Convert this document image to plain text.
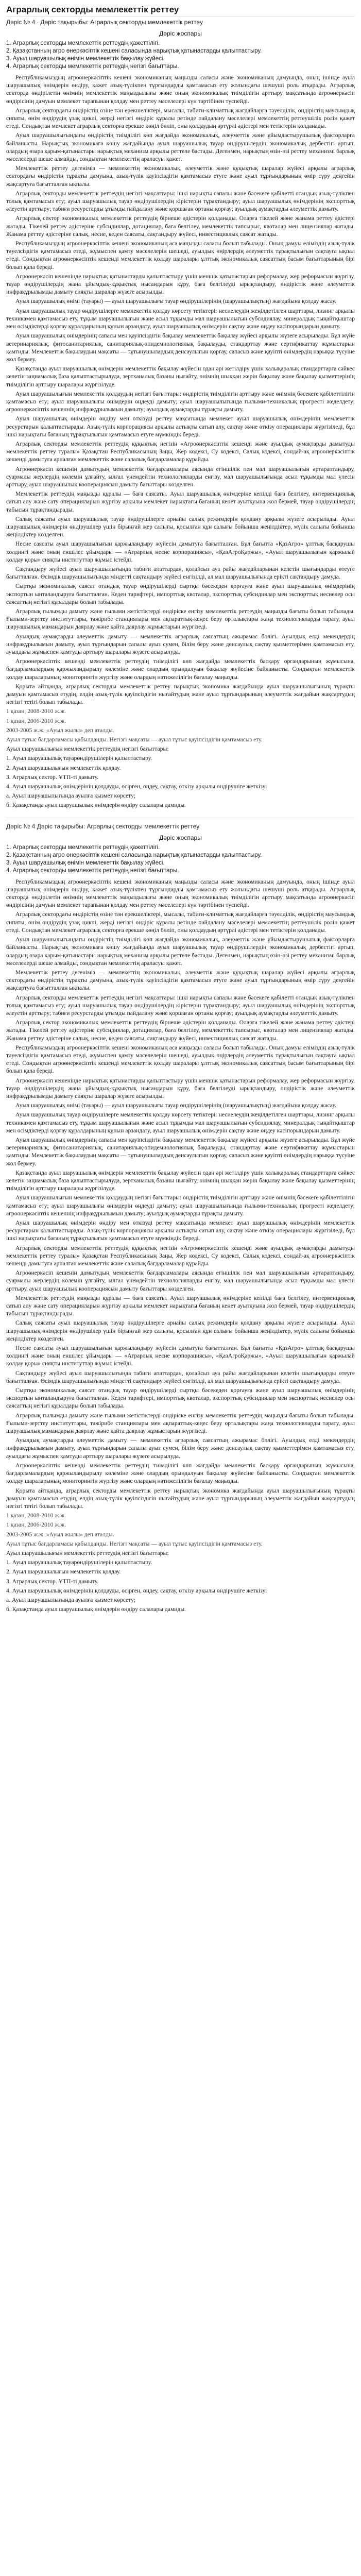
Аграрлық секторды мемлекеттік реттеу
Дәріс № 4 · Дәріс тақырыбы: Аграрлық секторды мемлекеттік реттеу
Дәріс жоспары
1. Аграрлық секторды мемлекеттік реттеудің қажеттілігі.
2. Қазақстанның агро өнеркәсіптік кешені саласында нарықтық қатынастарды қалыптастыру.
3. Ауыл шаруашылық өнімін мемлекеттік бақылау жүйесі.
4. Аграрлық секторды мемлекеттік реттеудің негізгі бағыттары.

Республикамыздың агроөнеркәсіптік кешені экономиканың маңызды саласы және экономиканың дамуында, оның ішінде ауыл шаруашылық өнімдерін өндіру, қажет азық-түлікпен тұрғындарды қамтамасыз ету жолындағы шешуші роль атқарады. Аграрлық секторда өндірілетін өнімнің мемлекеттік маңыздылығы және оның экономикалық тиімділігін арттыру мақсатында агроөнеркәсіп өндірісінің дамуын мемлекет тарапынан қолдау мен реттеу мәселелері күн тәртібінен түспейді.

Аграрлық сектордағы өндірістің өзіне тән ерекшеліктері, мысалы, табиғи-климаттық жағдайларға тәуелділік, өндірістің маусымдық сипаты, өнім өндірудің ұзақ циклі, жерді негізгі өндіріс құралы ретінде пайдалану мәселелері мемлекеттің реттеушілік ролін қажет етеді. Сондықтан мемлекет аграрлық секторға ерекше көңіл бөліп, оны қолдаудың әртүрлі әдістері мен тетіктерін қолданады.

Ауыл шаруашылығындағы өндірістің тиімділігі көп жағдайда экономикалық, әлеуметтік және ұйымдастырушылық факторларға байланысты. Нарықтық экономикаға көшу жағдайында ауыл шаруашылық тауар өндірушілердің экономикалық дербестігі артып, олардың өзара қарым-қатынастары нарықтық механизм арқылы реттеле бастады. Дегенмен, нарықтың өзін-өзі реттеу механизмі барлық мәселелерді шеше алмайды, сондықтан мемлекеттің араласуы қажет.

Мемлекеттік реттеу дегеніміз — мемлекеттің экономикалық, әлеуметтік және құқықтық шаралар жүйесі арқылы аграрлық сектордағы өндірістің тұрақты дамуына, азық-түлік қауіпсіздігін қамтамасыз етуге және ауыл тұрғындарының өмір сүру деңгейін жақсартуға бағытталған ықпалы.

Аграрлық секторды мемлекеттік реттеудің негізгі мақсаттары: ішкі нарықты сапалы және бәсекеге қабілетті отандық азық-түлікпен толық қамтамасыз ету; ауыл шаруашылық тауар өндірушілердің кірістерін тұрақтандыру; ауыл шаруашылық өнімдерінің экспорттық әлеуетін арттыру; табиғи ресурстарды ұтымды пайдалану және қоршаған ортаны қорғау; ауылдық аумақтарды әлеуметтік дамыту.

Аграрлық сектор экономикалық мемлекеттік реттеудің бірнеше әдістерін қолданады. Оларға тікелей және жанама реттеу әдістері жатады. Тікелей реттеу әдістеріне субсидиялар, дотациялар, баға белгілеу, мемлекеттік тапсырыс, квоталар мен лицензиялар жатады. Жанама реттеу әдістеріне салық, несие, кеден саясаты, сақтандыру жүйесі, инвестициялық саясат жатады.

Республикамыздың агроөнеркәсіптік кешені экономиканың аса маңызды саласы болып табылады. Оның дамуы еліміздің азық-түлік тәуелсіздігін қамтамасыз етеді, жұмыспен қамту мәселелерін шешеді, ауылдық өңірлердің әлеуметтік тұрақтылығын сақтауға ықпал етеді. Сондықтан агроөнеркәсіптік кешенді мемлекеттік қолдау шаралары ұлттық экономикалық саясаттың басым бағыттарының бірі болып қала береді.

Агроөнеркәсіп кешенінде нарықтық қатынастарды қалыптастыру үшін меншік қатынастарын реформалау, жер реформасын жүргізу, тауар өндірушілердің жаңа ұйымдық-құқықтық нысандарын құру, баға белгілеуді ырықтандыру, өндірістік және әлеуметтік инфрақұрылымды дамыту сияқты шаралар жүзеге асырылды.

Ауыл шаруашылық өнімі (тауары) — ауыл шаруашылығы тауар өндірушілерінің (шаруашылықтың) жағдайына қолдау жасау.

Ауыл шаруашылық тауар өндірушілерге мемлекеттік қолдау көрсету тетіктері: несиелеудің жеңілдетілген шарттары, лизинг арқылы техникамен қамтамасыз ету, тұқым шаруашылығын және асыл тұқымды мал шаруашылығын субсидиялау, минералдық тыңайтқыштар мен өсімдіктерді қорғау құралдарының құнын арзандату, ауыл шаруашылық өнімдерін сақтау және өңдеу кәсіпорындарын дамыту.

Ауыл шаруашылық өнімдерінің сапасы мен қауіпсіздігін бақылау мемлекеттік бақылау жүйесі арқылы жүзеге асырылады. Бұл жүйе ветеринариялық, фитосанитариялық, санитариялық-эпидемиологиялық бақылауды, стандарттау және сертификаттау жұмыстарын қамтиды. Мемлекеттік бақылаудың мақсаты — тұтынушылардың денсаулығын қорғау, сапасыз және қауіпті өнімдердің нарыққа түсуіне жол бермеу.

Қазақстанда ауыл шаруашылық өнімдерін мемлекеттік бақылау жүйесін одан әрі жетілдіру үшін халықаралық стандарттарға сәйкес келетін заңнамалық база қалыптастырылуда, зертханалық базаны нығайту, өнімнің шыққан жерін бақылау және бақылау қызметтерінің тиімділігін арттыру шаралары жүргізілуде.

Ауыл шаруашылығын мемлекеттік қолдаудың негізгі бағыттары: өндірістің тиімділігін арттыру және өнімнің бәсекеге қабілеттілігін қамтамасыз ету; ауыл шаруашылығы өнімдерін өңдеуді дамыту; ауыл шаруашылығында ғылыми-техникалық прогресті жеделдету; агроөнеркәсіптік кешеннің инфрақұрылымын дамыту; ауылдық аумақтарды тұрақты дамыту.

Ауыл шаруашылық өнімдерін өндіру мен өткізуді реттеу мақсатында мемлекет ауыл шаруашылық өнімдерінің мемлекеттік ресурстарын қалыптастырады. Азық-түлік корпорациясы арқылы астықты сатып алу, сақтау және өткізу операциялары жүргізіледі, бұл ішкі нарықтағы бағаның тұрақтылығын қамтамасыз етуге мүмкіндік береді.

Аграрлық секторды мемлекеттік реттеудің құқықтық негізін «Агроөнеркәсіптік кешенді және ауылдық аумақтарды дамытуды мемлекеттік реттеу туралы» Қазақстан Республикасының Заңы, Жер кодексі, Су кодексі, Салық кодексі, сондай-ақ агроөнеркәсіптік кешенді дамытуға арналған мемлекеттік және салалық бағдарламалар құрайды.

Агроөнеркәсіп кешенін дамытудың мемлекеттік бағдарламалары аясында егіншілік пен мал шаруашылығын әртараптандыру, суармалы жерлердің көлемін ұлғайту, ылғал үнемдейтін технологияларды енгізу, мал шаруашылығында асыл тұқымды мал үлесін арттыру, ауыл шаруашылық кооперациясын дамыту бағыттары көзделген.

Мемлекеттік реттеудің маңызды құралы — баға саясаты. Ауыл шаруашылық өнімдеріне кепілді баға белгілеу, интервенциялық сатып алу және сату операцияларын жүргізу арқылы мемлекет нарықтағы бағаның кенет ауытқуына жол бермей, тауар өндірушілердің табысын тұрақтандырады.

Салық саясаты ауыл шаруашылық тауар өндірушілерге арнайы салық режимдерін қолдану арқылы жүзеге асырылады. Ауыл шаруашылық өнімдерін өндірушілер үшін бірыңғай жер салығы, қосылған құн салығы бойынша жеңілдіктер, мүлік салығы бойынша жеңілдіктер көзделген.

Несие саясаты ауыл шаруашылығын қаржыландыру жүйесін дамытуға бағытталған. Бұл бағытта «ҚазАгро» ұлттық басқарушы холдингі және оның еншілес ұйымдары — «Аграрлық несие корпорациясы», «ҚазАгроҚаржы», «Ауыл шаруашылығын қаржылай қолдау қоры» сияқты институттар жұмыс істейді.

Сақтандыру жүйесі ауыл шаруашылығында табиғи апаттардан, қолайсыз ауа райы жағдайларынан келетін шығындарды өтеуге бағытталған. Өсімдік шаруашылығында міндетті сақтандыру жүйесі енгізілді, ал мал шаруашылығында ерікті сақтандыру дамуда.

Сыртқы экономикалық саясат отандық тауар өндірушілерді сыртқы бәсекеден қорғауға және ауыл шаруашылық өнімдерінің экспортын ынталандыруға бағытталған. Кеден тарифтері, импорттық квоталар, экспорттық субсидиялар мен экспорттық несиелер осы саясаттың негізгі құралдары болып табылады.

Аграрлық ғылымды дамыту және ғылыми жетістіктерді өндіріске енгізу мемлекеттік реттеудің маңызды бағыты болып табылады. Ғылыми-зерттеу институттары, тәжірибе станциялары мен ақпараттық-кеңес беру орталықтары жаңа технологияларды тарату, ауыл шаруашылық мамандарын даярлау және қайта даярлау жұмыстарын жүргізеді.

Ауылдық аумақтарды әлеуметтік дамыту — мемлекеттік аграрлық саясаттың ажырамас бөлігі. Ауылдық елді мекендердің инфрақұрылымын дамыту, ауыл тұрғындарын сапалы ауыз сумен, білім беру және денсаулық сақтау қызметтерімен қамтамасыз ету, ауылдағы жұмыспен қамтуды арттыру шаралары жүзеге асырылуда.

Агроөнеркәсіптік кешенді мемлекеттік реттеудің тиімділігі көп жағдайда мемлекеттік басқару органдарының жұмысына, бағдарламалардың қаржыландырылу көлеміне және олардың орындалуын бақылау жүйесіне байланысты. Сондықтан мемлекеттік қолдау шараларының мониторингін жүргізу және олардың нәтижелілігін бағалау маңызды.

Қорыта айтқанда, аграрлық секторды мемлекеттік реттеу нарықтық экономика жағдайында ауыл шаруашылығының тұрақты дамуын қамтамасыз етудің, елдің азық-түлік қауіпсіздігін нығайтудың және ауыл тұрғындарының әлеуметтік жағдайын жақсартудың негізгі тетігі болып табылады.

1 қазан, 2008-2010 ж.ж.

1 қазан, 2006-2010 ж.ж.

2003-2005 ж.ж. «Ауыл жылы» деп аталды.

Ауыл тұтыс бағдарламасы қабылданды. Негізгі мақсаты — ауыл тұтыс қауіпсіздігін қамтамасыз ету.

Ауыл шаруашылығын мемлекеттік реттеудің негізгі бағыттары:

1. Ауыл шаруашылық тауарөндірушілерін қалыптастыру.

2. Ауыл шаруашылығын мемлекеттік қолдау.

3. Аграрлық сектор. ҰТП-ті дамыту.

4. Ауыл шаруашылық өнімдерінің қолдауды, өсірген, өңдеу, сақтау, өткізу арқылы өндірушіге жеткізу:

а. Ауыл шаруашылығында ауылға қызмет көрсету;

б. Қазақстанда ауыл шаруашылық өнімдерін өндіру салалары дамиды.

Дәріс № 4 Дәріс тақырыбы: Аграрлық секторды мемлекеттік реттеу
Дәріс жоспары
1. Аграрлық секторды мемлекеттік реттеудің қажеттілігі.
2. Қазақстанның агро өнеркәсіптік кешені саласында нарықтық қатынастарды қалыптастыру.
3. Ауыл шаруашылық өнімін мемлекеттік бақылау жүйесі.
4. Аграрлық секторды мемлекеттік реттеудің негізгі бағыттары.

Республикамыздың агроөнеркәсіптік кешені экономиканың маңызды саласы және экономиканың дамуында, оның ішінде ауыл шаруашылық өнімдерін өндіру, қажет азық-түлікпен тұрғындарды қамтамасыз ету жолындағы шешуші роль атқарады. Аграрлық секторда өндірілетін өнімнің мемлекеттік маңыздылығы және оның экономикалық тиімділігін арттыру мақсатында агроөнеркәсіп өндірісінің дамуын мемлекет тарапынан қолдау мен реттеу мәселелері күн тәртібінен түспейді.

Аграрлық сектордағы өндірістің өзіне тән ерекшеліктері, мысалы, табиғи-климаттық жағдайларға тәуелділік, өндірістің маусымдық сипаты, өнім өндірудің ұзақ циклі, жерді негізгі өндіріс құралы ретінде пайдалану мәселелері мемлекеттің реттеушілік ролін қажет етеді. Сондықтан мемлекет аграрлық секторға ерекше көңіл бөліп, оны қолдаудың әртүрлі әдістері мен тетіктерін қолданады.

Ауыл шаруашылығындағы өндірістің тиімділігі көп жағдайда экономикалық, әлеуметтік және ұйымдастырушылық факторларға байланысты. Нарықтық экономикаға көшу жағдайында ауыл шаруашылық тауар өндірушілердің экономикалық дербестігі артып, олардың өзара қарым-қатынастары нарықтық механизм арқылы реттеле бастады. Дегенмен, нарықтың өзін-өзі реттеу механизмі барлық мәселелерді шеше алмайды, сондықтан мемлекеттің араласуы қажет.

Мемлекеттік реттеу дегеніміз — мемлекеттің экономикалық, әлеуметтік және құқықтық шаралар жүйесі арқылы аграрлық сектордағы өндірістің тұрақты дамуына, азық-түлік қауіпсіздігін қамтамасыз етуге және ауыл тұрғындарының өмір сүру деңгейін жақсартуға бағытталған ықпалы.

Аграрлық секторды мемлекеттік реттеудің негізгі мақсаттары: ішкі нарықты сапалы және бәсекеге қабілетті отандық азық-түлікпен толық қамтамасыз ету; ауыл шаруашылық тауар өндірушілердің кірістерін тұрақтандыру; ауыл шаруашылық өнімдерінің экспорттық әлеуетін арттыру; табиғи ресурстарды ұтымды пайдалану және қоршаған ортаны қорғау; ауылдық аумақтарды әлеуметтік дамыту.

Аграрлық сектор экономикалық мемлекеттік реттеудің бірнеше әдістерін қолданады. Оларға тікелей және жанама реттеу әдістері жатады. Тікелей реттеу әдістеріне субсидиялар, дотациялар, баға белгілеу, мемлекеттік тапсырыс, квоталар мен лицензиялар жатады. Жанама реттеу әдістеріне салық, несие, кеден саясаты, сақтандыру жүйесі, инвестициялық саясат жатады.

Республикамыздың агроөнеркәсіптік кешені экономиканың аса маңызды саласы болып табылады. Оның дамуы еліміздің азық-түлік тәуелсіздігін қамтамасыз етеді, жұмыспен қамту мәселелерін шешеді, ауылдық өңірлердің әлеуметтік тұрақтылығын сақтауға ықпал етеді. Сондықтан агроөнеркәсіптік кешенді мемлекеттік қолдау шаралары ұлттық экономикалық саясаттың басым бағыттарының бірі болып қала береді.

Агроөнеркәсіп кешенінде нарықтық қатынастарды қалыптастыру үшін меншік қатынастарын реформалау, жер реформасын жүргізу, тауар өндірушілердің жаңа ұйымдық-құқықтық нысандарын құру, баға белгілеуді ырықтандыру, өндірістік және әлеуметтік инфрақұрылымды дамыту сияқты шаралар жүзеге асырылды.

Ауыл шаруашылық өнімі (тауары) — ауыл шаруашылығы тауар өндірушілерінің (шаруашылықтың) жағдайына қолдау жасау.

Ауыл шаруашылық тауар өндірушілерге мемлекеттік қолдау көрсету тетіктері: несиелеудің жеңілдетілген шарттары, лизинг арқылы техникамен қамтамасыз ету, тұқым шаруашылығын және асыл тұқымды мал шаруашылығын субсидиялау, минералдық тыңайтқыштар мен өсімдіктерді қорғау құралдарының құнын арзандату, ауыл шаруашылық өнімдерін сақтау және өңдеу кәсіпорындарын дамыту.

Ауыл шаруашылық өнімдерінің сапасы мен қауіпсіздігін бақылау мемлекеттік бақылау жүйесі арқылы жүзеге асырылады. Бұл жүйе ветеринариялық, фитосанитариялық, санитариялық-эпидемиологиялық бақылауды, стандарттау және сертификаттау жұмыстарын қамтиды. Мемлекеттік бақылаудың мақсаты — тұтынушылардың денсаулығын қорғау, сапасыз және қауіпті өнімдердің нарыққа түсуіне жол бермеу.

Қазақстанда ауыл шаруашылық өнімдерін мемлекеттік бақылау жүйесін одан әрі жетілдіру үшін халықаралық стандарттарға сәйкес келетін заңнамалық база қалыптастырылуда, зертханалық базаны нығайту, өнімнің шыққан жерін бақылау және бақылау қызметтерінің тиімділігін арттыру шаралары жүргізілуде.

Ауыл шаруашылығын мемлекеттік қолдаудың негізгі бағыттары: өндірістің тиімділігін арттыру және өнімнің бәсекеге қабілеттілігін қамтамасыз ету; ауыл шаруашылығы өнімдерін өңдеуді дамыту; ауыл шаруашылығында ғылыми-техникалық прогресті жеделдету; агроөнеркәсіптік кешеннің инфрақұрылымын дамыту; ауылдық аумақтарды тұрақты дамыту.

Ауыл шаруашылық өнімдерін өндіру мен өткізуді реттеу мақсатында мемлекет ауыл шаруашылық өнімдерінің мемлекеттік ресурстарын қалыптастырады. Азық-түлік корпорациясы арқылы астықты сатып алу, сақтау және өткізу операциялары жүргізіледі, бұл ішкі нарықтағы бағаның тұрақтылығын қамтамасыз етуге мүмкіндік береді.

Аграрлық секторды мемлекеттік реттеудің құқықтық негізін «Агроөнеркәсіптік кешенді және ауылдық аумақтарды дамытуды мемлекеттік реттеу туралы» Қазақстан Республикасының Заңы, Жер кодексі, Су кодексі, Салық кодексі, сондай-ақ агроөнеркәсіптік кешенді дамытуға арналған мемлекеттік және салалық бағдарламалар құрайды.

Агроөнеркәсіп кешенін дамытудың мемлекеттік бағдарламалары аясында егіншілік пен мал шаруашылығын әртараптандыру, суармалы жерлердің көлемін ұлғайту, ылғал үнемдейтін технологияларды енгізу, мал шаруашылығында асыл тұқымды мал үлесін арттыру, ауыл шаруашылық кооперациясын дамыту бағыттары көзделген.

Мемлекеттік реттеудің маңызды құралы — баға саясаты. Ауыл шаруашылық өнімдеріне кепілді баға белгілеу, интервенциялық сатып алу және сату операцияларын жүргізу арқылы мемлекет нарықтағы бағаның кенет ауытқуына жол бермей, тауар өндірушілердің табысын тұрақтандырады.

Салық саясаты ауыл шаруашылық тауар өндірушілерге арнайы салық режимдерін қолдану арқылы жүзеге асырылады. Ауыл шаруашылық өнімдерін өндірушілер үшін бірыңғай жер салығы, қосылған құн салығы бойынша жеңілдіктер, мүлік салығы бойынша жеңілдіктер көзделген.

Несие саясаты ауыл шаруашылығын қаржыландыру жүйесін дамытуға бағытталған. Бұл бағытта «ҚазАгро» ұлттық басқарушы холдингі және оның еншілес ұйымдары — «Аграрлық несие корпорациясы», «ҚазАгроҚаржы», «Ауыл шаруашылығын қаржылай қолдау қоры» сияқты институттар жұмыс істейді.

Сақтандыру жүйесі ауыл шаруашылығында табиғи апаттардан, қолайсыз ауа райы жағдайларынан келетін шығындарды өтеуге бағытталған. Өсімдік шаруашылығында міндетті сақтандыру жүйесі енгізілді, ал мал шаруашылығында ерікті сақтандыру дамуда.

Сыртқы экономикалық саясат отандық тауар өндірушілерді сыртқы бәсекеден қорғауға және ауыл шаруашылық өнімдерінің экспортын ынталандыруға бағытталған. Кеден тарифтері, импорттық квоталар, экспорттық субсидиялар мен экспорттық несиелер осы саясаттың негізгі құралдары болып табылады.

Аграрлық ғылымды дамыту және ғылыми жетістіктерді өндіріске енгізу мемлекеттік реттеудің маңызды бағыты болып табылады. Ғылыми-зерттеу институттары, тәжірибе станциялары мен ақпараттық-кеңес беру орталықтары жаңа технологияларды тарату, ауыл шаруашылық мамандарын даярлау және қайта даярлау жұмыстарын жүргізеді.

Ауылдық аумақтарды әлеуметтік дамыту — мемлекеттік аграрлық саясаттың ажырамас бөлігі. Ауылдық елді мекендердің инфрақұрылымын дамыту, ауыл тұрғындарын сапалы ауыз сумен, білім беру және денсаулық сақтау қызметтерімен қамтамасыз ету, ауылдағы жұмыспен қамтуды арттыру шаралары жүзеге асырылуда.

Агроөнеркәсіптік кешенді мемлекеттік реттеудің тиімділігі көп жағдайда мемлекеттік басқару органдарының жұмысына, бағдарламалардың қаржыландырылу көлеміне және олардың орындалуын бақылау жүйесіне байланысты. Сондықтан мемлекеттік қолдау шараларының мониторингін жүргізу және олардың нәтижелілігін бағалау маңызды.

Қорыта айтқанда, аграрлық секторды мемлекеттік реттеу нарықтық экономика жағдайында ауыл шаруашылығының тұрақты дамуын қамтамасыз етудің, елдің азық-түлік қауіпсіздігін нығайтудың және ауыл тұрғындарының әлеуметтік жағдайын жақсартудың негізгі тетігі болып табылады.

1 қазан, 2008-2010 ж.ж.

1 қазан, 2006-2010 ж.ж.

2003-2005 ж.ж. «Ауыл жылы» деп аталды.

Ауыл тұтыс бағдарламасы қабылданды. Негізгі мақсаты — ауыл тұтыс қауіпсіздігін қамтамасыз ету.

Ауыл шаруашылығын мемлекеттік реттеудің негізгі бағыттары:

1. Ауыл шаруашылық тауарөндірушілерін қалыптастыру.

2. Ауыл шаруашылығын мемлекеттік қолдау.

3. Аграрлық сектор. ҰТП-ті дамыту.

4. Ауыл шаруашылық өнімдерінің қолдауды, өсірген, өңдеу, сақтау, өткізу арқылы өндірушіге жеткізу:

а. Ауыл шаруашылығында ауылға қызмет көрсету;

б. Қазақстанда ауыл шаруашылық өнімдерін өндіру салалары дамиды.
